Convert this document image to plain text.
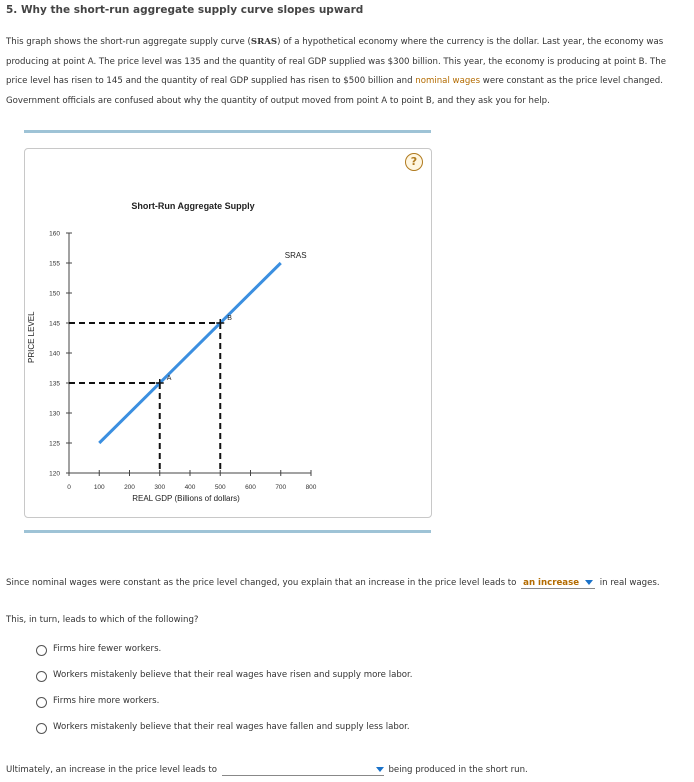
5. Why the short-run aggregate supply curve slopes upward
This graph shows the short-run aggregate supply curve (SRAS) of a hypothetical economy where the currency is the dollar. Last year, the economy was producing at point A. The price level was 135 and the quantity of real GDP supplied was $300 billion. This year, the economy is producing at point B. The price level has risen to 145 and the quantity of real GDP supplied has risen to $500 billion and nominal wages were constant as the price level changed. Government officials are confused about why the quantity of output moved from point A to point B, and they ask you for help.
?
Short-Run Aggregate Supply
PRICE LEVEL
120
125
130
135
140
145
150
155
160
0	100	200	300	400	500	600	700	800
REAL GDP (Billions of dollars)
SRAS
A
B
Since nominal wages were constant as the price level changed, you explain that an increase in the price level leads to an increase in real wages.
This, in turn, leads to which of the following?
Firms hire fewer workers.
Workers mistakenly believe that their real wages have risen and supply more labor.
Firms hire more workers.
Workers mistakenly believe that their real wages have fallen and supply less labor.
Ultimately, an increase in the price level leads to	being produced in the short run.
